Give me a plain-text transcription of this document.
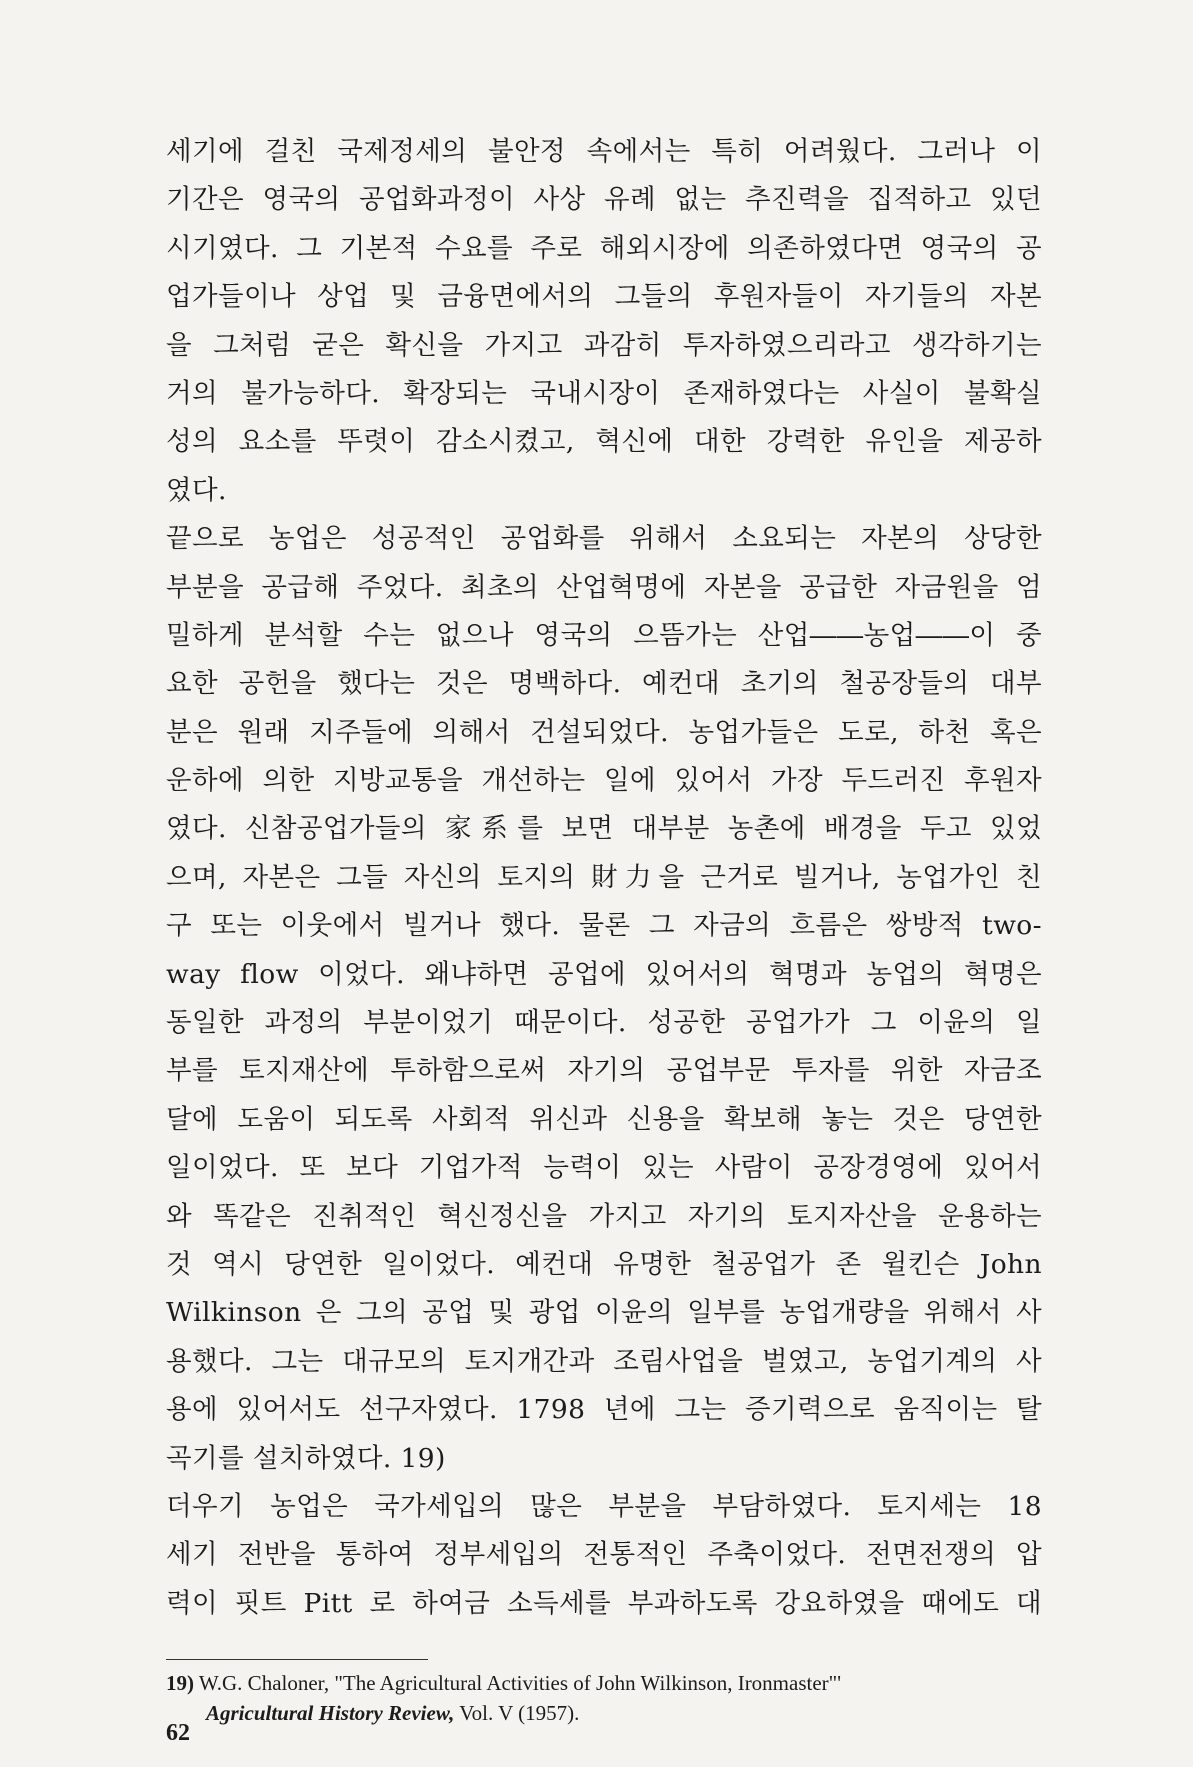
세기에 걸친 국제정세의 불안정 속에서는 특히 어려웠다. 그러나 이
기간은 영국의 공업화과정이 사상 유례 없는 추진력을 집적하고 있던
시기였다. 그 기본적 수요를 주로 해외시장에 의존하였다면 영국의 공
업가들이나 상업 및 금융면에서의 그들의 후원자들이 자기들의 자본
을 그처럼 굳은 확신을 가지고 과감히 투자하였으리라고 생각하기는
거의 불가능하다. 확장되는 국내시장이 존재하였다는 사실이 불확실
성의 요소를 뚜렷이 감소시켰고, 혁신에 대한 강력한 유인을 제공하
였다.
끝으로 농업은 성공적인 공업화를 위해서 소요되는 자본의 상당한
부분을 공급해 주었다. 최초의 산업혁명에 자본을 공급한 자금원을 엄
밀하게 분석할 수는 없으나 영국의 으뜸가는 산업――농업――이 중
요한 공헌을 했다는 것은 명백하다. 예컨대 초기의 철공장들의 대부
분은 원래 지주들에 의해서 건설되었다. 농업가들은 도로, 하천 혹은
운하에 의한 지방교통을 개선하는 일에 있어서 가장 두드러진 후원자
였다. 신참공업가들의 家系를 보면 대부분 농촌에 배경을 두고 있었
으며, 자본은 그들 자신의 토지의 財力을 근거로 빌거나, 농업가인 친
구 또는 이웃에서 빌거나 했다. 물론 그 자금의 흐름은 쌍방적 two-
way flow 이었다. 왜냐하면 공업에 있어서의 혁명과 농업의 혁명은
동일한 과정의 부분이었기 때문이다. 성공한 공업가가 그 이윤의 일
부를 토지재산에 투하함으로써 자기의 공업부문 투자를 위한 자금조
달에 도움이 되도록 사회적 위신과 신용을 확보해 놓는 것은 당연한
일이었다. 또 보다 기업가적 능력이 있는 사람이 공장경영에 있어서
와 똑같은 진취적인 혁신정신을 가지고 자기의 토지자산을 운용하는
것 역시 당연한 일이었다. 예컨대 유명한 철공업가 존 윌킨슨 John
Wilkinson 은 그의 공업 및 광업 이윤의 일부를 농업개량을 위해서 사
용했다. 그는 대규모의 토지개간과 조림사업을 벌였고, 농업기계의 사
용에 있어서도 선구자였다. 1798 년에 그는 증기력으로 움직이는 탈
곡기를 설치하였다. 19)
더우기 농업은 국가세입의 많은 부분을 부담하였다. 토지세는 18
세기 전반을 통하여 정부세입의 전통적인 주축이었다. 전면전쟁의 압
력이 핏트 Pitt 로 하여금 소득세를 부과하도록 강요하였을 때에도 대
19) W.G. Chaloner, "The Agricultural Activities of John Wilkinson, Ironmaster"'
Agricultural History Review, Vol. V (1957).
62
